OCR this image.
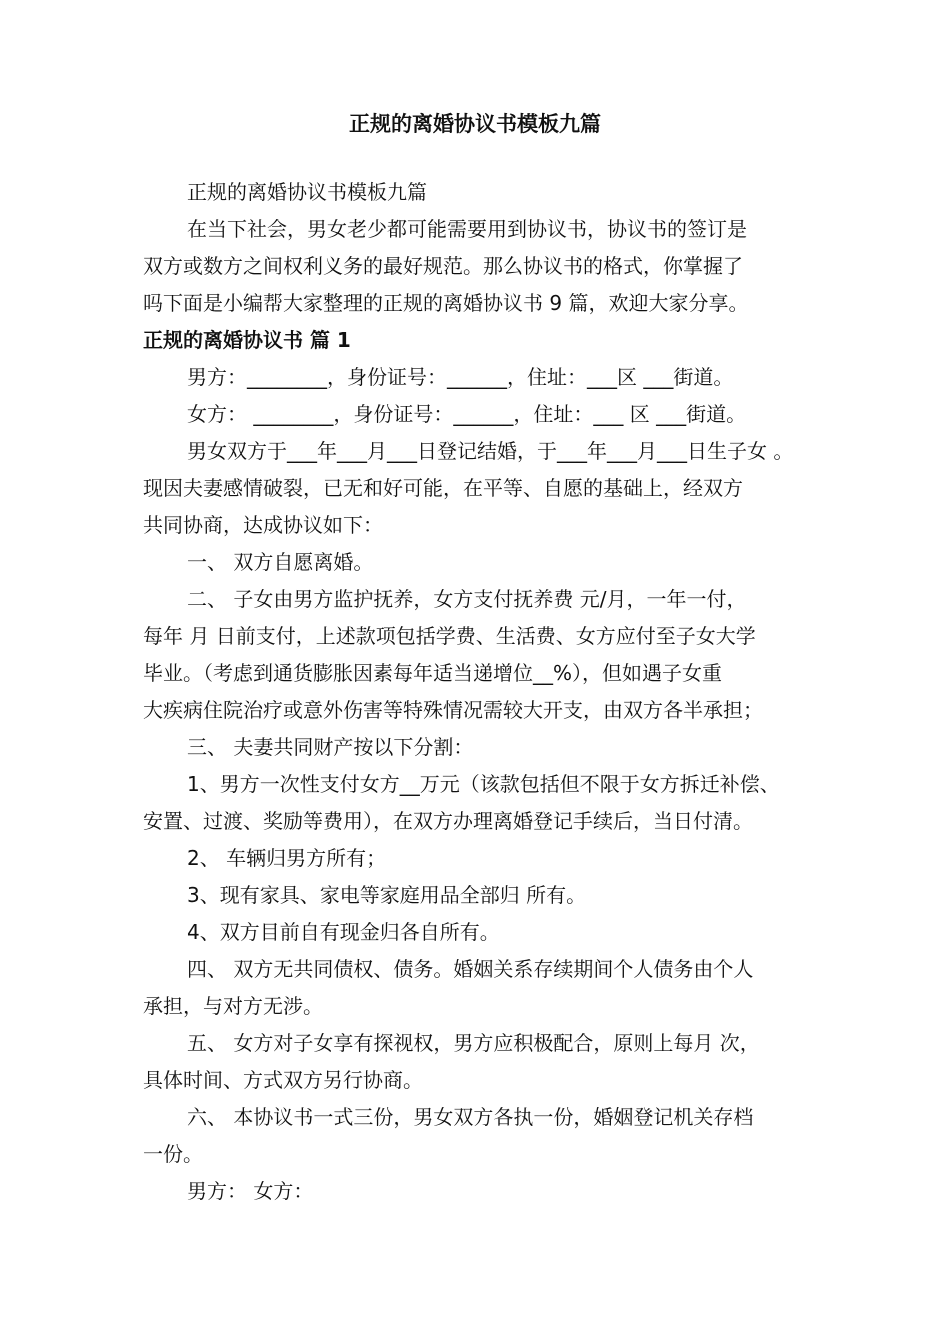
正规的离婚协议书模板九篇
正规的离婚协议书模板九篇
在当下社会，男女老少都可能需要用到协议书，协议书的签订是
双方或数方之间权利义务的最好规范。那么协议书的格式，你掌握了
吗下面是小编帮大家整理的正规的离婚协议书 9 篇，欢迎大家分享。
正规的离婚协议书 篇 1
男方：________，身份证号：______，住址：___区 ___街道。
女方： ________，身份证号：______，住址：___ 区 ___街道。
男女双方于___年___月___日登记结婚，于___年___月___日生子女 。
现因夫妻感情破裂，已无和好可能，在平等、自愿的基础上，经双方
共同协商，达成协议如下：
一、 双方自愿离婚。
二、 子女由男方监护抚养，女方支付抚养费 元/月，一年一付，
每年 月 日前支付，上述款项包括学费、生活费、女方应付至子女大学
毕业。（考虑到通货膨胀因素每年适当递增位__%），但如遇子女重
大疾病住院治疗或意外伤害等特殊情况需较大开支，由双方各半承担；
三、 夫妻共同财产按以下分割：
1、男方一次性支付女方__万元（该款包括但不限于女方拆迁补偿、
安置、过渡、奖励等费用），在双方办理离婚登记手续后，当日付清。
2、 车辆归男方所有；
3、现有家具、家电等家庭用品全部归 所有。
4、双方目前自有现金归各自所有。
四、 双方无共同债权、债务。婚姻关系存续期间个人债务由个人
承担，与对方无涉。
五、 女方对子女享有探视权，男方应积极配合，原则上每月 次，
具体时间、方式双方另行协商。
六、 本协议书一式三份，男女双方各执一份，婚姻登记机关存档
一份。
男方： 女方：
